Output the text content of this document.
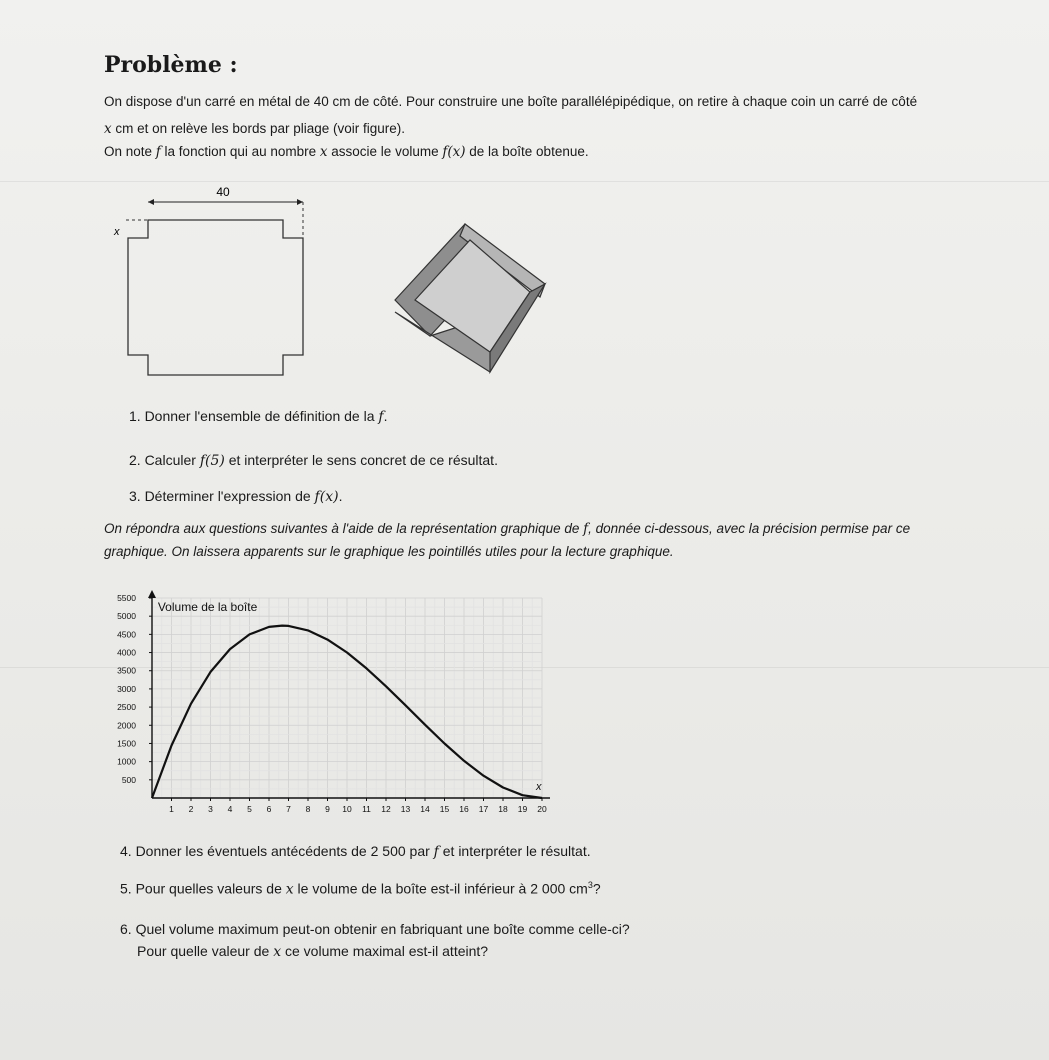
Problème :
On dispose d'un carré en métal de 40 cm de côté. Pour construire une boîte parallélépipédique, on retire à chaque coin un carré de côté
x cm et on relève les bords par pliage (voir figure).
On note f la fonction qui au nombre x associe le volume f(x) de la boîte obtenue.
40
x
1. Donner l'ensemble de définition de la f.
2. Calculer f(5) et interpréter le sens concret de ce résultat.
3. Déterminer l'expression de f(x).
On répondra aux questions suivantes à l'aide de la représentation graphique de f, donnée ci-dessous, avec la précision permise par ce
graphique. On laissera apparents sur le graphique les pointillés utiles pour la lecture graphique.
1 2 3 4 5 6 7 8 9 10 11 12 13 14 15 16 17 18 19 20
500
1000
1500
2000
2500
3000
3500
4000
4500
5000
5500
Volume de la boîte
x
4. Donner les éventuels antécédents de 2 500 par f et interpréter le résultat.
5. Pour quelles valeurs de x le volume de la boîte est-il inférieur à 2 000 $cm^3$?
6. Quel volume maximum peut-on obtenir en fabriquant une boîte comme celle-ci?
Pour quelle valeur de x ce volume maximal est-il atteint?
